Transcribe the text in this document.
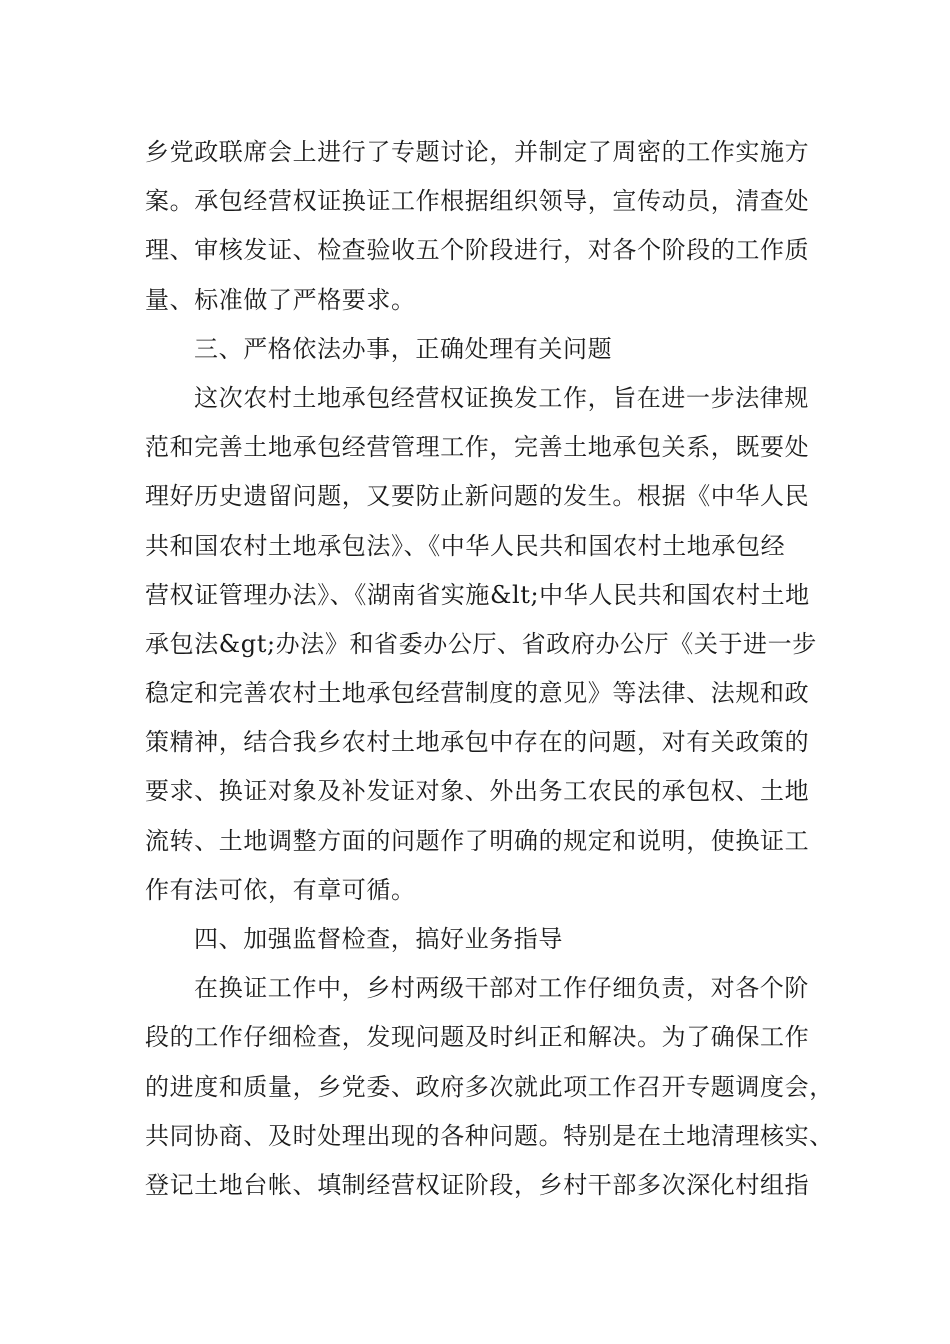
乡党政联席会上进行了专题讨论，并制定了周密的工作实施方
案。承包经营权证换证工作根据组织领导，宣传动员，清查处
理、审核发证、检查验收五个阶段进行，对各个阶段的工作质
量、标准做了严格要求。
三、严格依法办事，正确处理有关问题
这次农村土地承包经营权证换发工作，旨在进一步法律规
范和完善土地承包经营管理工作，完善土地承包关系，既要处
理好历史遗留问题，又要防止新问题的发生。根据《中华人民
共和国农村土地承包法》、《中华人民共和国农村土地承包经
营权证管理办法》、《湖南省实施&lt;中华人民共和国农村土地
承包法&gt;办法》和省委办公厅、省政府办公厅《关于进一步
稳定和完善农村土地承包经营制度的意见》等法律、法规和政
策精神，结合我乡农村土地承包中存在的问题，对有关政策的
要求、换证对象及补发证对象、外出务工农民的承包权、土地
流转、土地调整方面的问题作了明确的规定和说明，使换证工
作有法可依，有章可循。
四、加强监督检查，搞好业务指导
在换证工作中，乡村两级干部对工作仔细负责，对各个阶
段的工作仔细检查，发现问题及时纠正和解决。为了确保工作
的进度和质量，乡党委、政府多次就此项工作召开专题调度会，
共同协商、及时处理出现的各种问题。特别是在土地清理核实、
登记土地台帐、填制经营权证阶段，乡村干部多次深化村组指
